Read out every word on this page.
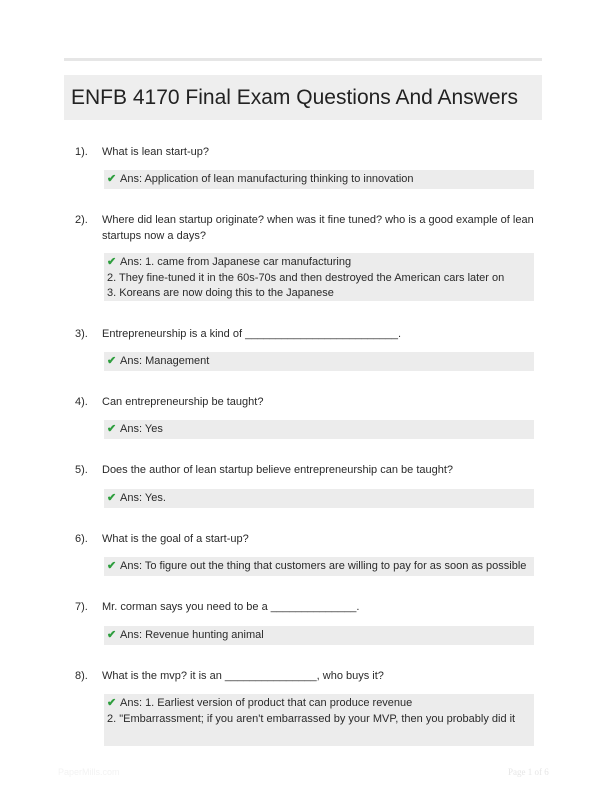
ENFB 4170 Final Exam Questions And Answers
1). What is lean start-up?
✔ Ans: Application of lean manufacturing thinking to innovation
2). Where did lean startup originate? when was it fine tuned? who is a good example of lean startups now a days?
✔ Ans: 1. came from Japanese car manufacturing
2. They fine-tuned it in the 60s-70s and then destroyed the American cars later on
3. Koreans are now doing this to the Japanese
3). Entrepreneurship is a kind of _________________________.
✔ Ans: Management
4). Can entrepreneurship be taught?
✔ Ans: Yes
5). Does the author of lean startup believe entrepreneurship can be taught?
✔ Ans: Yes.
6). What is the goal of a start-up?
✔ Ans: To figure out the thing that customers are willing to pay for as soon as possible
7). Mr. corman says you need to be a ______________.
✔ Ans: Revenue hunting animal
8). What is the mvp? it is an _______________, who buys it?
✔ Ans: 1. Earliest version of product that can produce revenue
2. "Embarrassment; if you aren't embarrassed by your MVP, then you probably did it
PaperMills.com	Page 1 of 6
